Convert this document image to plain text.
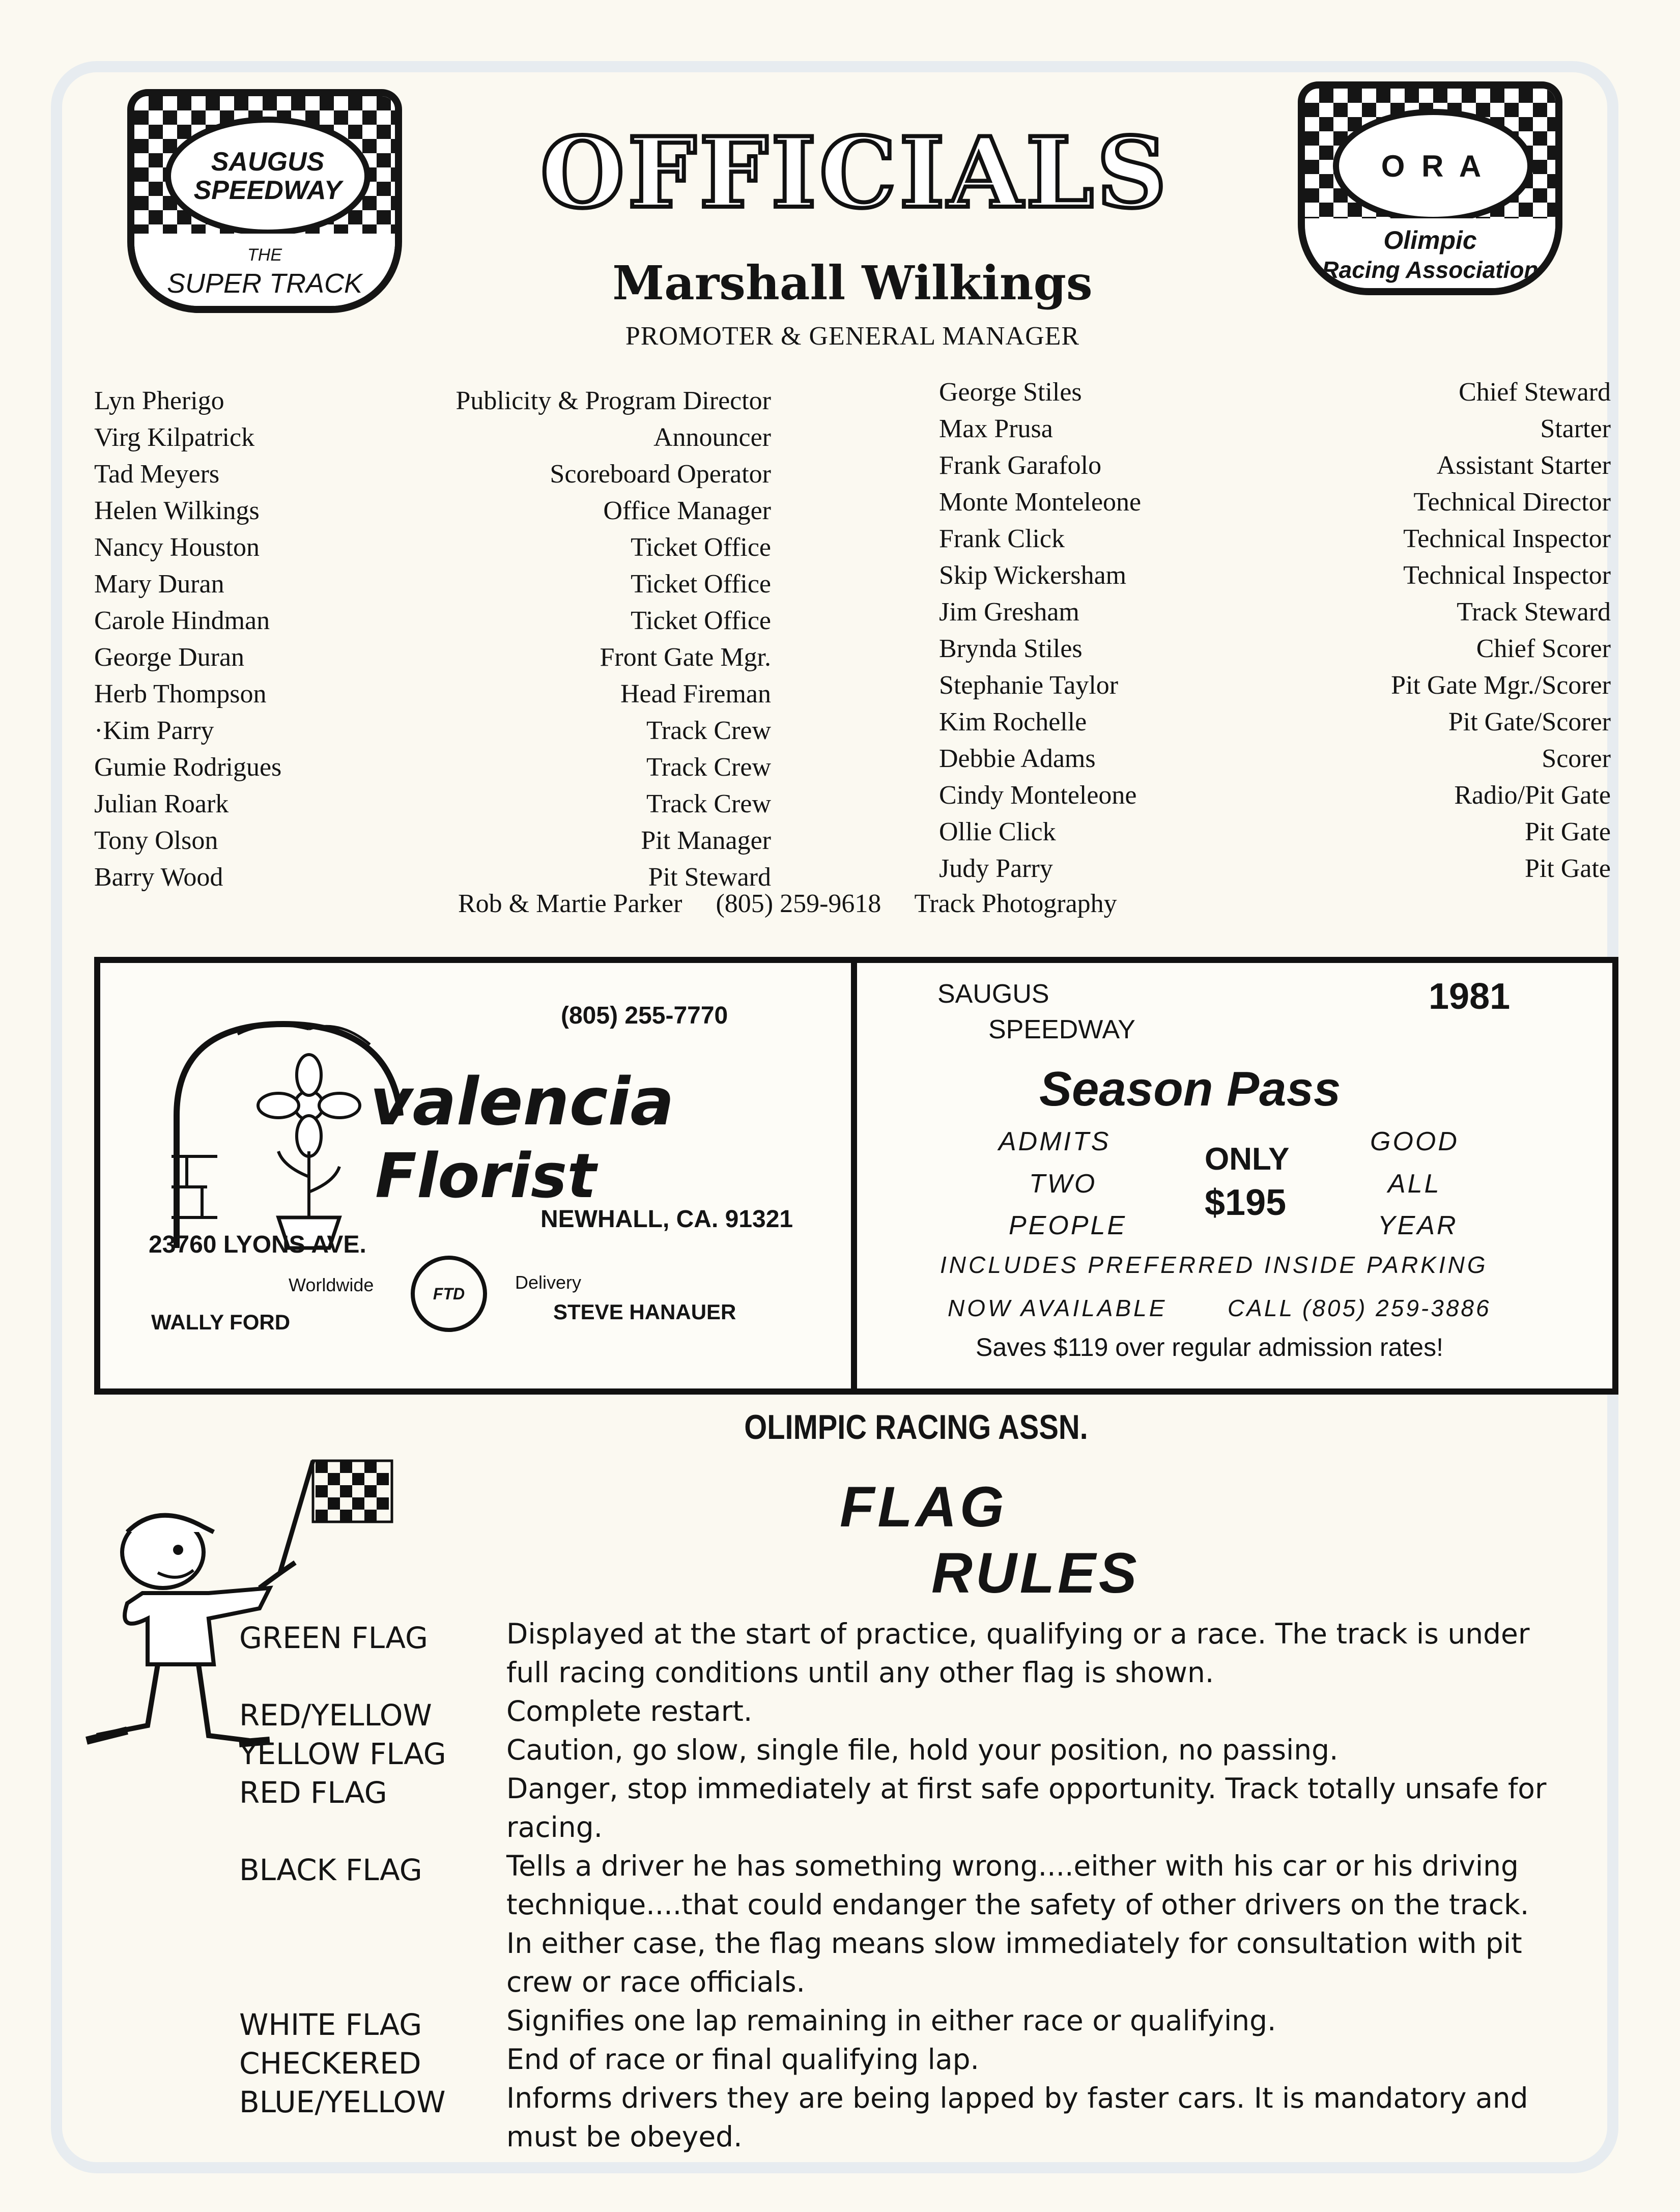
SAUGUS
SPEEDWAY
THE
SUPER TRACK
O R A
Olimpic
Racing Association
OFFICIALS
Marshall Wilkings
PROMOTER & GENERAL MANAGER
Lyn Pherigo	Publicity & Program Director
Virg Kilpatrick	Announcer
Tad Meyers	Scoreboard Operator
Helen Wilkings	Office Manager
Nancy Houston	Ticket Office
Mary Duran	Ticket Office
Carole Hindman	Ticket Office
George Duran	Front Gate Mgr.
Herb Thompson	Head Fireman
·Kim Parry	Track Crew
Gumie Rodrigues	Track Crew
Julian Roark	Track Crew
Tony Olson	Pit Manager
Barry Wood	Pit Steward
George Stiles	Chief Steward
Max Prusa	Starter
Frank Garafolo	Assistant Starter
Monte Monteleone	Technical Director
Frank Click	Technical Inspector
Skip Wickersham	Technical Inspector
Jim Gresham	Track Steward
Brynda Stiles	Chief Scorer
Stephanie Taylor	Pit Gate Mgr./Scorer
Kim Rochelle	Pit Gate/Scorer
Debbie Adams	Scorer
Cindy Monteleone	Radio/Pit Gate
Ollie Click	Pit Gate
Judy Parry	Pit Gate
Rob & Martie Parker (805) 259-9618 Track Photography
(805) 255-7770
valencia
Florist
23760 LYONS AVE.
NEWHALL, CA. 91321
Worldwide	FTD
Delivery
WALLY FORD	STEVE HANAUER
SAUGUS
SPEEDWAY
1981
Season Pass
ADMITS
TWO
PEOPLE
ONLY
$195
GOOD
ALL
YEAR
INCLUDES PREFERRED INSIDE PARKING
NOW AVAILABLE	CALL (805) 259-3886
Saves $119 over regular admission rates!
OLIMPIC RACING ASSN.
FLAG
RULES
GREEN FLAG	Displayed at the start of practice, qualifying or a race. The track is under full racing conditions until any other flag is shown.
RED/YELLOW	Complete restart.
YELLOW FLAG Caution, go slow, single file, hold your position, no passing.
RED FLAG	Danger, stop immediately at first safe opportunity. Track totally unsafe for racing.
BLACK FLAG	Tells a driver he has something wrong....either with his car or his driving technique....that could endanger the safety of other drivers on the track. In either case, the flag means slow immediately for consultation with pit crew or race officials.
WHITE FLAG	Signifies one lap remaining in either race or qualifying.
CHECKERED	End of race or final qualifying lap.
BLUE/YELLOW Informs drivers they are being lapped by faster cars. It is mandatory and must be obeyed.
